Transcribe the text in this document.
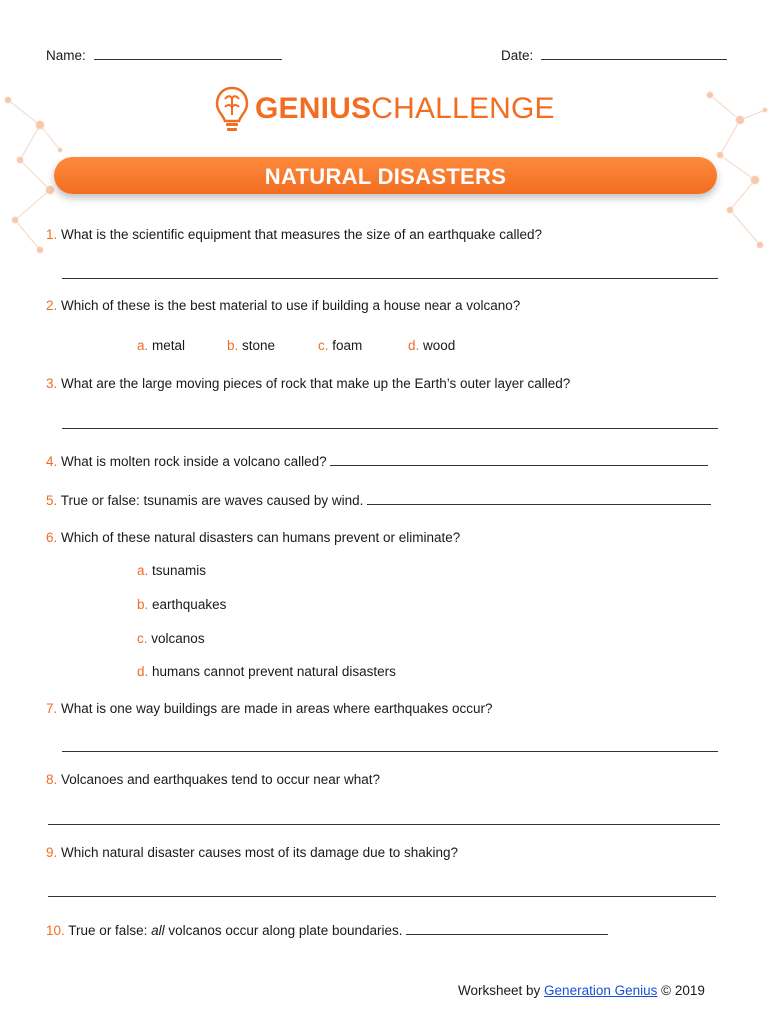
Name:	Date:
GENIUSCHALLENGE
NATURAL DISASTERS
1. What is the scientific equipment that measures the size of an earthquake called?
2. Which of these is the best material to use if building a house near a volcano?
a. metal	b. stone	c. foam	d. wood
3. What are the large moving pieces of rock that make up the Earth’s outer layer called?
4. What is molten rock inside a volcano called?
5. True or false: tsunamis are waves caused by wind.
6. Which of these natural disasters can humans prevent or eliminate?
a. tsunamis
b. earthquakes
c. volcanos
d. humans cannot prevent natural disasters
7. What is one way buildings are made in areas where earthquakes occur?
8. Volcanoes and earthquakes tend to occur near what?
9. Which natural disaster causes most of its damage due to shaking?
10. True or false: all volcanos occur along plate boundaries.
Worksheet by Generation Genius © 2019
